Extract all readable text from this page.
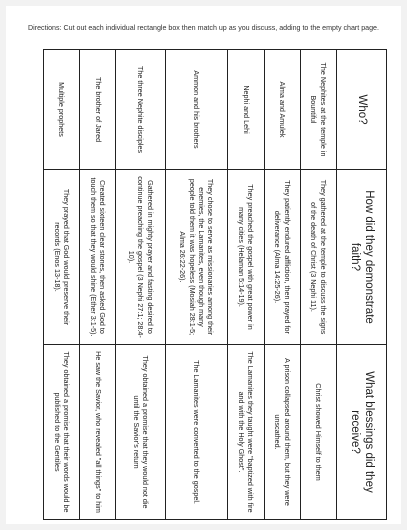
Directions: Cut out each individual rectangle box then match up as you discuss, adding to the empty chart page.
Who?	How did they demonstrate faith?	What blessings did they receive?
The Nephites at the temple in Bountiful	They gathered at the temple to discuss the signs of the death of Christ (3 Nephi 11).	Christ showed Himself to them
Alma and Amulek	They patiently endured affliction, then prayed for deliverance (Alma 14:25-26).	A prison collapsed around them, but they were unscathed.
Nephi and Lehi	They preached the gospel with great power in many cities (Helaman 5:14-19).	The Lamanites they taught were "baptized with fire and with the Holy Ghost".
Ammon and his brothers	They chose to serve as missionaries among their enemies, the Lamanites, even though many people told them it was hopeless (Mosiah 28:1-5; Alma 26:22-26).	The Lamanites were converted to the gospel.
The three Nephite disciples	Gathered in mighty prayer and fasting desired to continue preaching the gospel (3 Nephi 27:1; 28:4-10).	They obtained a promise that they would not die until the Savior's return
The brother of Jared	Created sixteen clear stones, then asked God to touch them so that they would shine (Ether 3:1-5).	He saw the Savior, who revealed "all things" to him
Multiple prophets	They prayed that God would preserve their records (Enos 13-18).	They obtained a promise that their words would be published to the Gentiles
